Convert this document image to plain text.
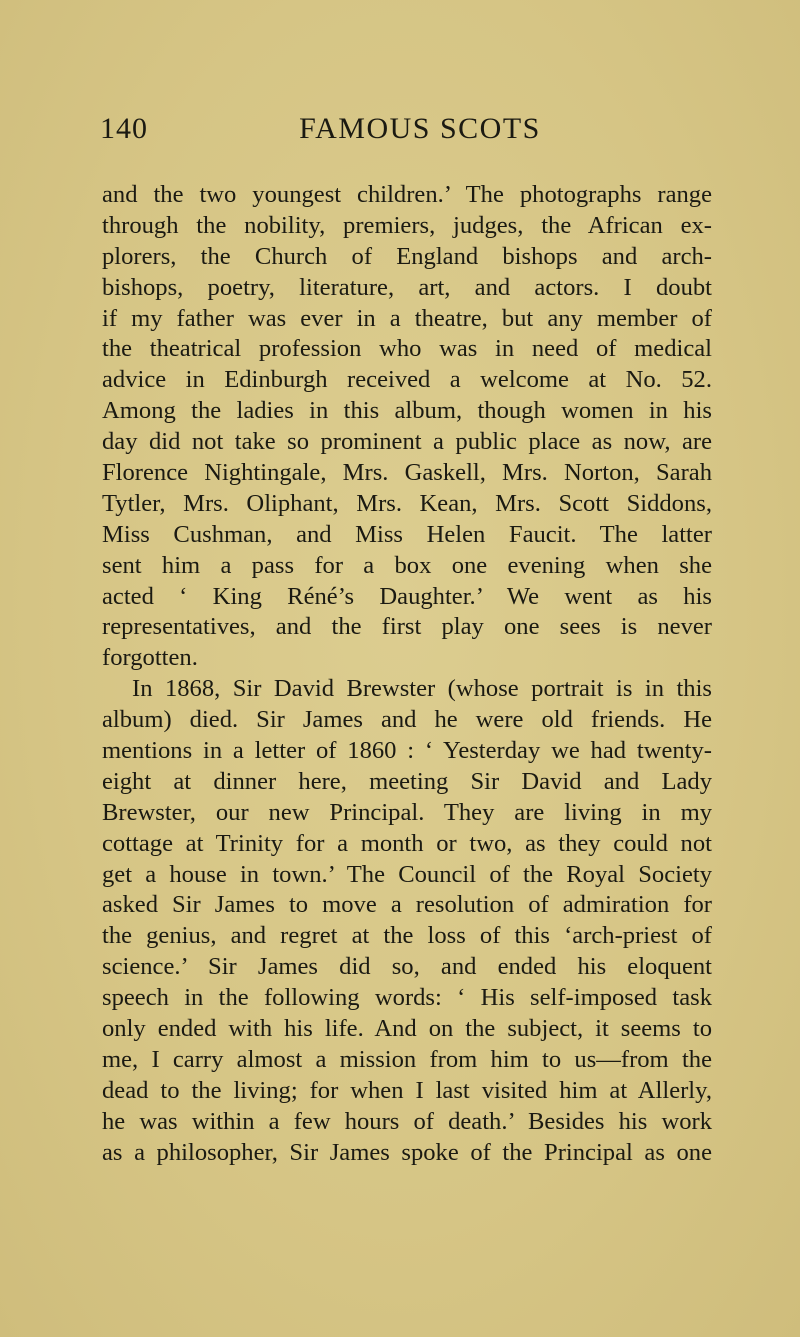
140	FAMOUS SCOTS
and the two youngest children.’ The photographs range
through the nobility, premiers, judges, the African ex-
plorers, the Church of England bishops and arch-
bishops, poetry, literature, art, and actors. I doubt
if my father was ever in a theatre, but any member of
the theatrical profession who was in need of medical
advice in Edinburgh received a welcome at No. 52.
Among the ladies in this album, though women in his
day did not take so prominent a public place as now, are
Florence Nightingale, Mrs. Gaskell, Mrs. Norton, Sarah
Tytler, Mrs. Oliphant, Mrs. Kean, Mrs. Scott Siddons,
Miss Cushman, and Miss Helen Faucit. The latter
sent him a pass for a box one evening when she
acted ‘ King Réné’s Daughter.’ We went as his
representatives, and the first play one sees is never
forgotten.
In 1868, Sir David Brewster (whose portrait is in this
album) died. Sir James and he were old friends. He
mentions in a letter of 1860 : ‘ Yesterday we had twenty-
eight at dinner here, meeting Sir David and Lady
Brewster, our new Principal. They are living in my
cottage at Trinity for a month or two, as they could not
get a house in town.’ The Council of the Royal Society
asked Sir James to move a resolution of admiration for
the genius, and regret at the loss of this ‘arch-priest of
science.’ Sir James did so, and ended his eloquent
speech in the following words: ‘ His self-imposed task
only ended with his life. And on the subject, it seems to
me, I carry almost a mission from him to us—from the
dead to the living; for when I last visited him at Allerly,
he was within a few hours of death.’ Besides his work
as a philosopher, Sir James spoke of the Principal as one
